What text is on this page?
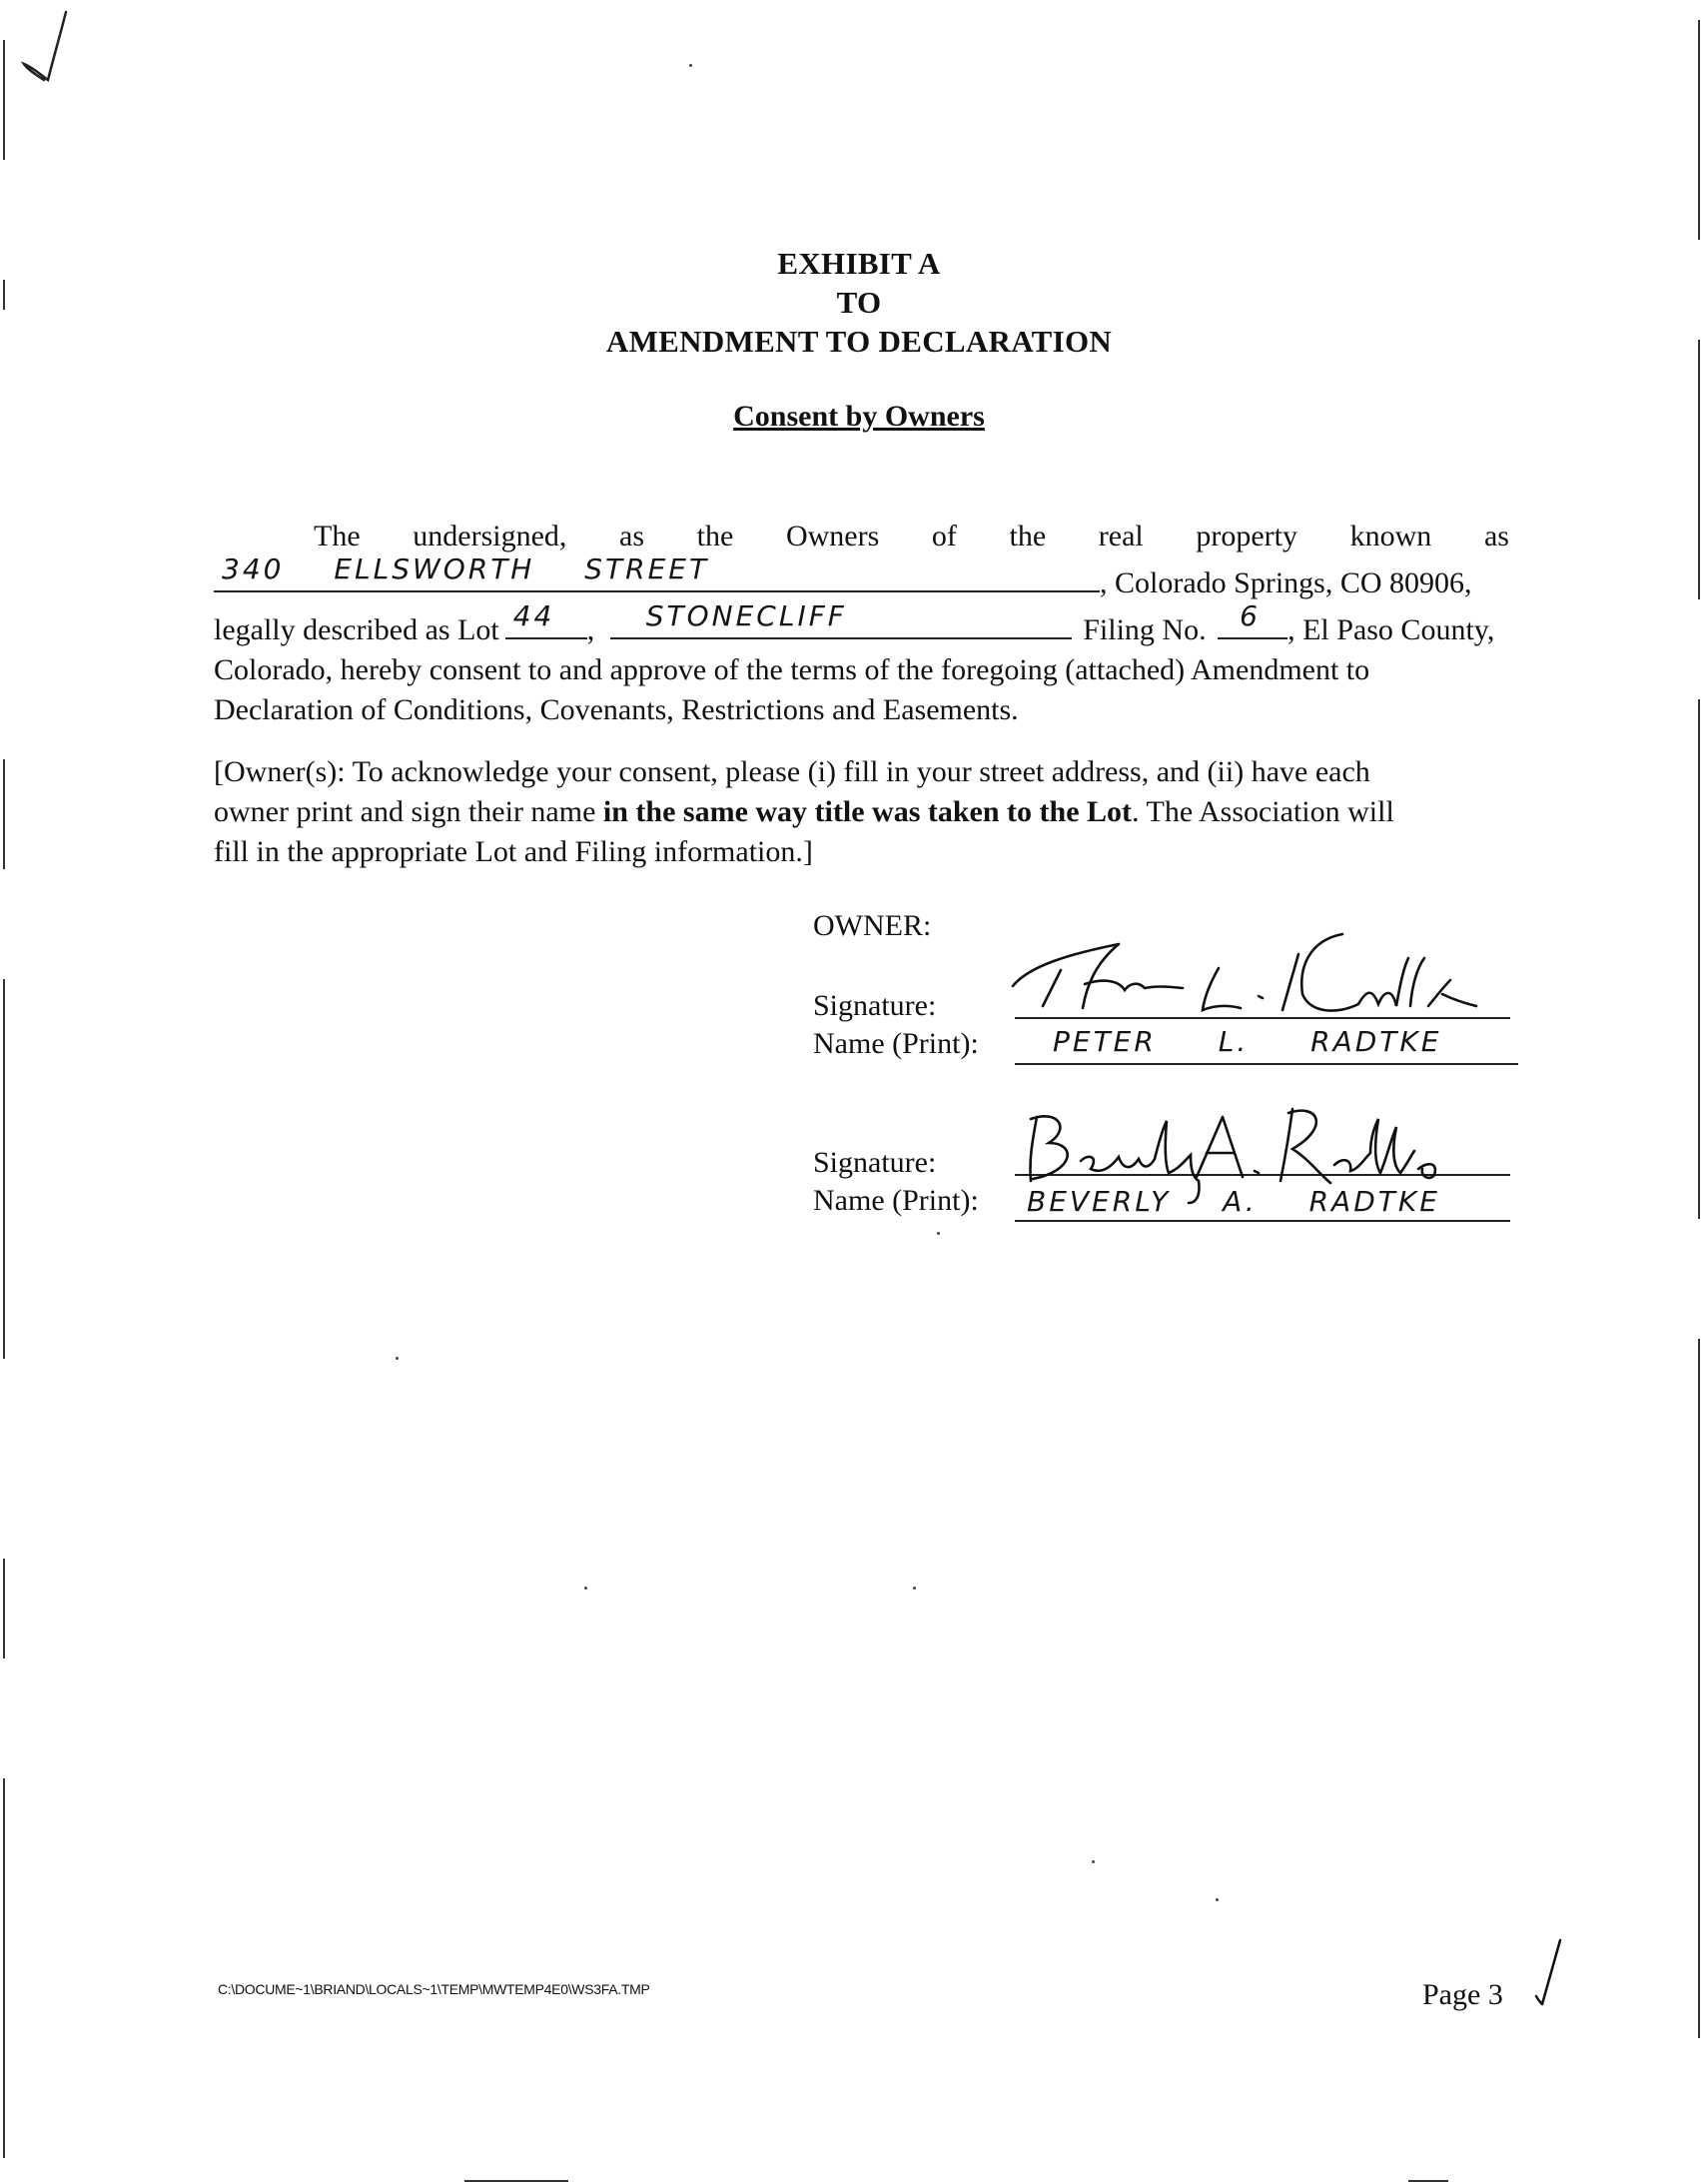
EXHIBIT A
TO
AMENDMENT TO DECLARATION
Consent by Owners
The undersigned, as the Owners of the real property known as
340 ELLSWORTH STREET	, Colorado Springs, CO 80906,
legally described as Lot 44 , STONECLIFF	Filing No. 6 , El Paso County,
Colorado, hereby consent to and approve of the terms of the foregoing (attached) Amendment to
Declaration of Conditions, Covenants, Restrictions and Easements.
[Owner(s): To acknowledge your consent, please (i) fill in your street address, and (ii) have each
owner print and sign their name in the same way title was taken to the Lot. The Association will
fill in the appropriate Lot and Filing information.]
OWNER:
Signature:
Name (Print):	PETER L. RADTKE
Signature:
Name (Print): BEVERLY A. RADTKE
C:\DOCUME~1\BRIAND\LOCALS~1\TEMP\MWTEMP4E0\WS3FA.TMP	Page 3
